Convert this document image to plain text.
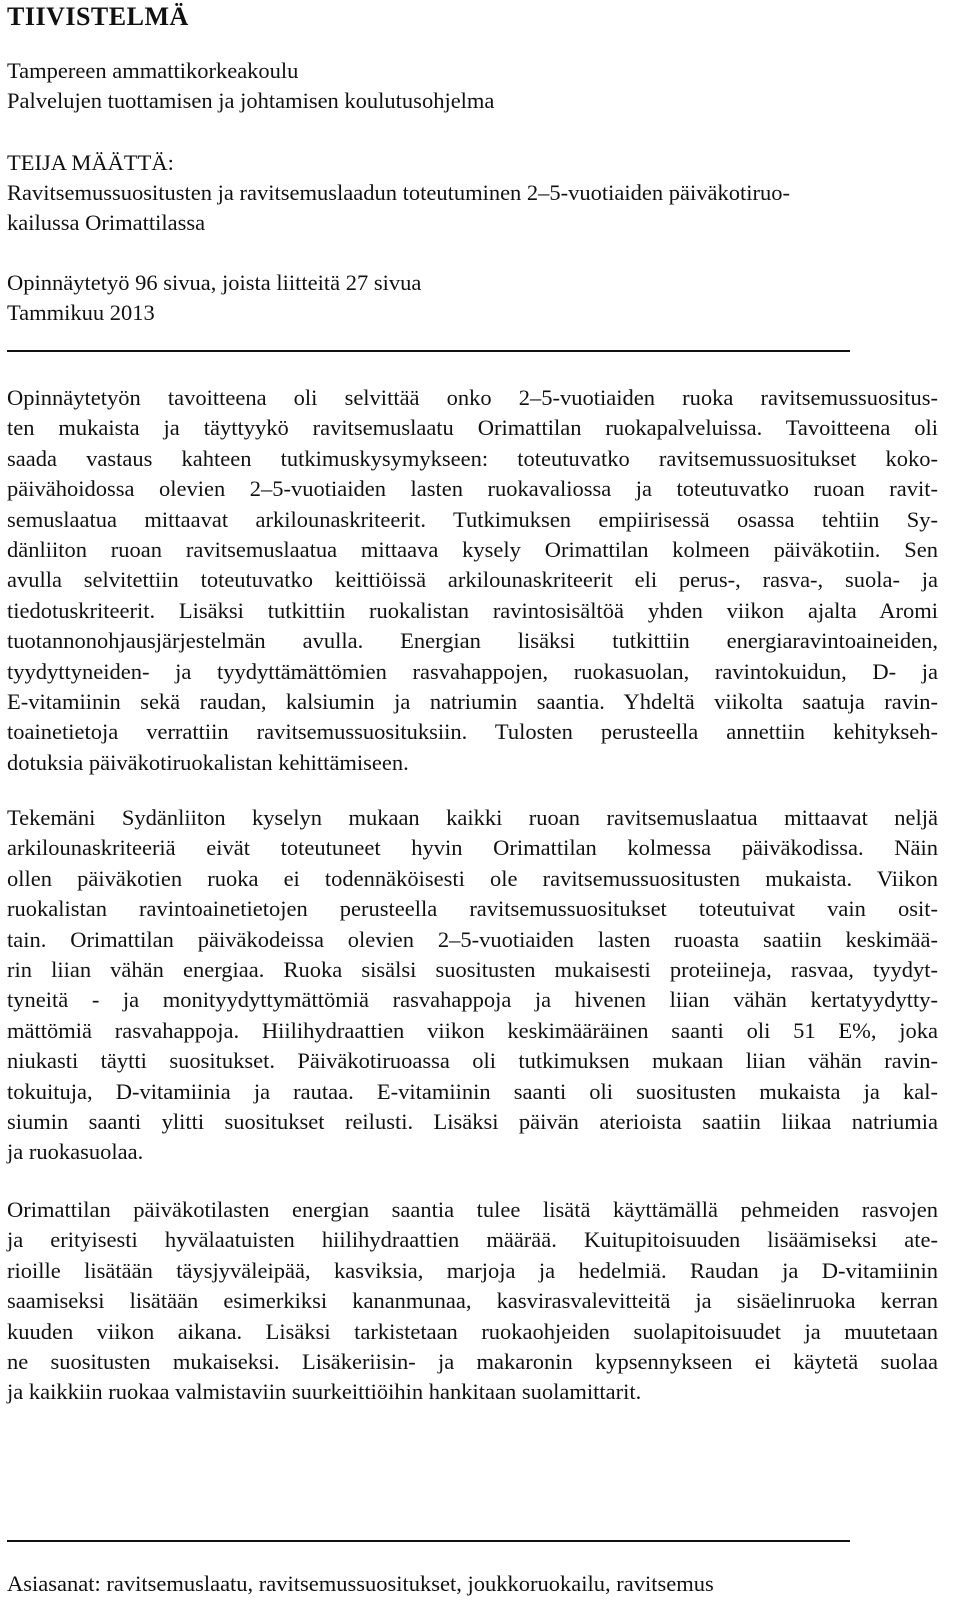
TIIVISTELMÄ
Tampereen ammattikorkeakoulu
Palvelujen tuottamisen ja johtamisen koulutusohjelma
TEIJA MÄÄTTÄ:
Ravitsemussuositusten ja ravitsemuslaadun toteutuminen 2–5-vuotiaiden päiväkotiruo-
kailussa Orimattilassa
Opinnäytetyö 96 sivua, joista liitteitä 27 sivua
Tammikuu 2013
Opinnäytetyön tavoitteena oli selvittää onko 2–5-vuotiaiden ruoka ravitsemussuositus-
ten mukaista ja täyttyykö ravitsemuslaatu Orimattilan ruokapalveluissa. Tavoitteena oli
saada vastaus kahteen tutkimuskysymykseen: toteutuvatko ravitsemussuositukset koko-
päivähoidossa olevien 2–5-vuotiaiden lasten ruokavaliossa ja toteutuvatko ruoan ravit-
semuslaatua mittaavat arkilounaskriteerit. Tutkimuksen empiirisessä osassa tehtiin Sy-
dänliiton ruoan ravitsemuslaatua mittaava kysely Orimattilan kolmeen päiväkotiin. Sen
avulla selvitettiin toteutuvatko keittiöissä arkilounaskriteerit eli perus-, rasva-, suola- ja
tiedotuskriteerit. Lisäksi tutkittiin ruokalistan ravintosisältöä yhden viikon ajalta Aromi
tuotannonohjausjärjestelmän avulla. Energian lisäksi tutkittiin energiaravintoaineiden,
tyydyttyneiden- ja tyydyttämättömien rasvahappojen, ruokasuolan, ravintokuidun, D- ja
E-vitamiinin sekä raudan, kalsiumin ja natriumin saantia. Yhdeltä viikolta saatuja ravin-
toainetietoja verrattiin ravitsemussuosituksiin. Tulosten perusteella annettiin kehitykseh-
dotuksia päiväkotiruokalistan kehittämiseen.
Tekemäni Sydänliiton kyselyn mukaan kaikki ruoan ravitsemuslaatua mittaavat neljä
arkilounaskriteeriä eivät toteutuneet hyvin Orimattilan kolmessa päiväkodissa. Näin
ollen päiväkotien ruoka ei todennäköisesti ole ravitsemussuositusten mukaista. Viikon
ruokalistan ravintoainetietojen perusteella ravitsemussuositukset toteutuivat vain osit-
tain. Orimattilan päiväkodeissa olevien 2–5-vuotiaiden lasten ruoasta saatiin keskimää-
rin liian vähän energiaa. Ruoka sisälsi suositusten mukaisesti proteiineja, rasvaa, tyydyt-
tyneitä - ja monityydyttymättömiä rasvahappoja ja hivenen liian vähän kertatyydytty-
mättömiä rasvahappoja. Hiilihydraattien viikon keskimääräinen saanti oli 51 E%, joka
niukasti täytti suositukset. Päiväkotiruoassa oli tutkimuksen mukaan liian vähän ravin-
tokuituja, D-vitamiinia ja rautaa. E-vitamiinin saanti oli suositusten mukaista ja kal-
siumin saanti ylitti suositukset reilusti. Lisäksi päivän aterioista saatiin liikaa natriumia
ja ruokasuolaa.
Orimattilan päiväkotilasten energian saantia tulee lisätä käyttämällä pehmeiden rasvojen
ja erityisesti hyvälaatuisten hiilihydraattien määrää. Kuitupitoisuuden lisäämiseksi ate-
rioille lisätään täysjyväleipää, kasviksia, marjoja ja hedelmiä. Raudan ja D-vitamiinin
saamiseksi lisätään esimerkiksi kananmunaa, kasvirasvalevitteitä ja sisäelinruoka kerran
kuuden viikon aikana. Lisäksi tarkistetaan ruokaohjeiden suolapitoisuudet ja muutetaan
ne suositusten mukaiseksi. Lisäkeriisin- ja makaronin kypsennykseen ei käytetä suolaa
ja kaikkiin ruokaa valmistaviin suurkeittiöihin hankitaan suolamittarit.
Asiasanat: ravitsemuslaatu, ravitsemussuositukset, joukkoruokailu, ravitsemus
